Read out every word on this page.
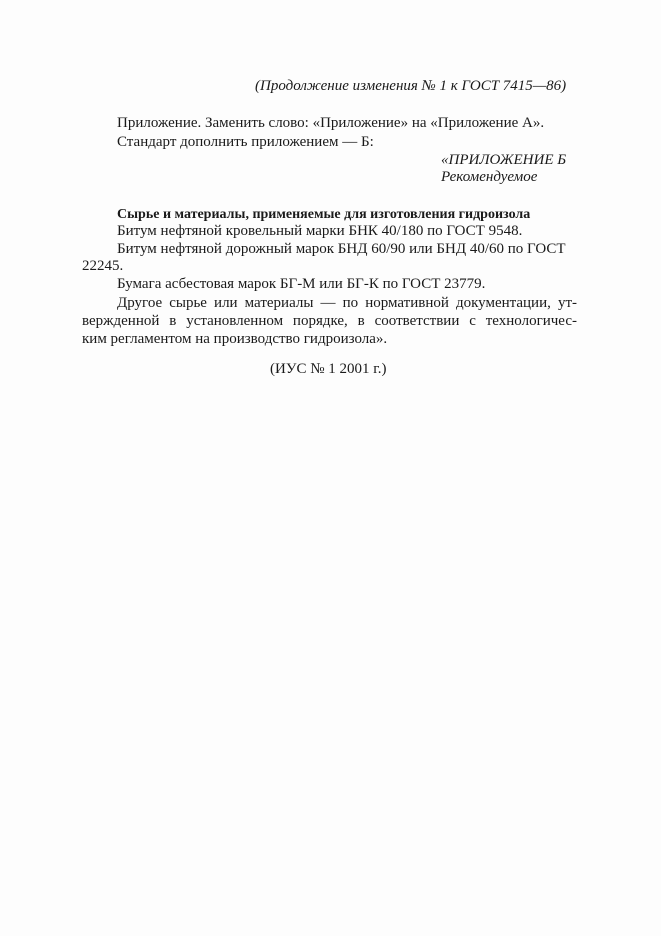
(Продолжение изменения № 1 к ГОСТ 7415—86)
Приложение. Заменить слово: «Приложение» на «Приложение А».
Стандарт дополнить приложением — Б:
«ПРИЛОЖЕНИЕ Б
Рекомендуемое
Сырье и материалы, применяемые для изготовления гидроизола
Битум нефтяной кровельный марки БНК 40/180 по ГОСТ 9548.
Битум нефтяной дорожный марок БНД 60/90 или БНД 40/60 по ГОСТ
22245.
Бумага асбестовая марок БГ-М или БГ-К по ГОСТ 23779.
Другое сырье или материалы — по нормативной документации, ут-
вержденной в установленном порядке, в соответствии с технологичес-
ким регламентом на производство гидроизола».
(ИУС № 1 2001 г.)
